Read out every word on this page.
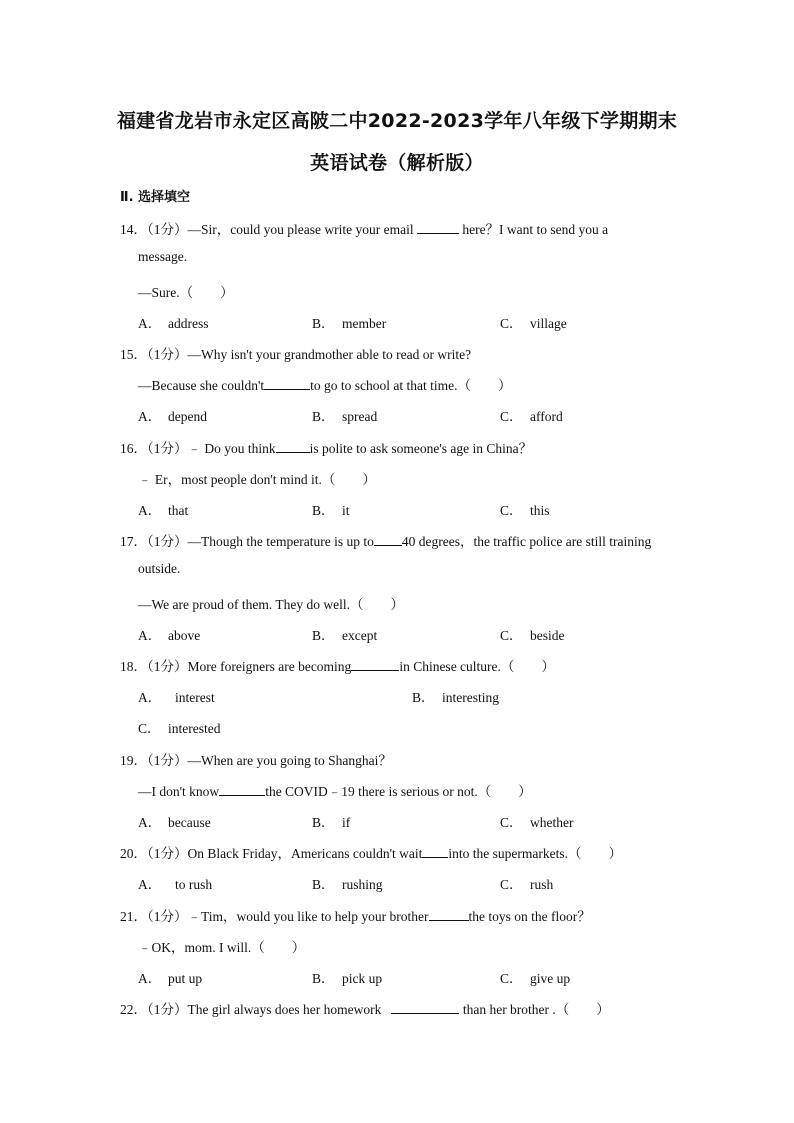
福建省龙岩市永定区高陂二中2022-2023学年八年级下学期期末
英语试卷（解析版）
Ⅱ. 选择填空
14．（1分）—Sir，could you please write your email	here？I want to send you a
message.
—Sure.（　　）
A． address	B． member	C． village
15．（1分）—Why isn't your grandmother able to read or write?
—Because she couldn't	to go to school at that time.（　　）
A． depend	B． spread	C． afford
16．（1分）﹣ Do you think	is polite to ask someone's age in China？
﹣ Er，most people don't mind it.（　　）
A． that	B． it	C． this
17．（1分）—Though the temperature is up to 40 degrees，the traffic police are still training
outside.
—We are proud of them. They do well.（　　）
A． above	B． except	C． beside
18．（1分）More foreigners are becoming	in Chinese culture.（　　）
A． interest	B． interesting
C． interested
19．（1分）—When are you going to Shanghai？
—I don't know	the COVID﹣19 there is serious or not.（　　）
A． because	B． if	C． whether
20．（1分）On Black Friday，Americans couldn't wait into the supermarkets.（　　）
A． to rush	B． rushing	C． rush
21．（1分）﹣Tim，would you like to help your brother	the toys on the floor？
﹣OK，mom. I will.（　　）
A． put up	B． pick up	C． give up
22．（1分）The girl always does her homework	than her brother .（　　）
